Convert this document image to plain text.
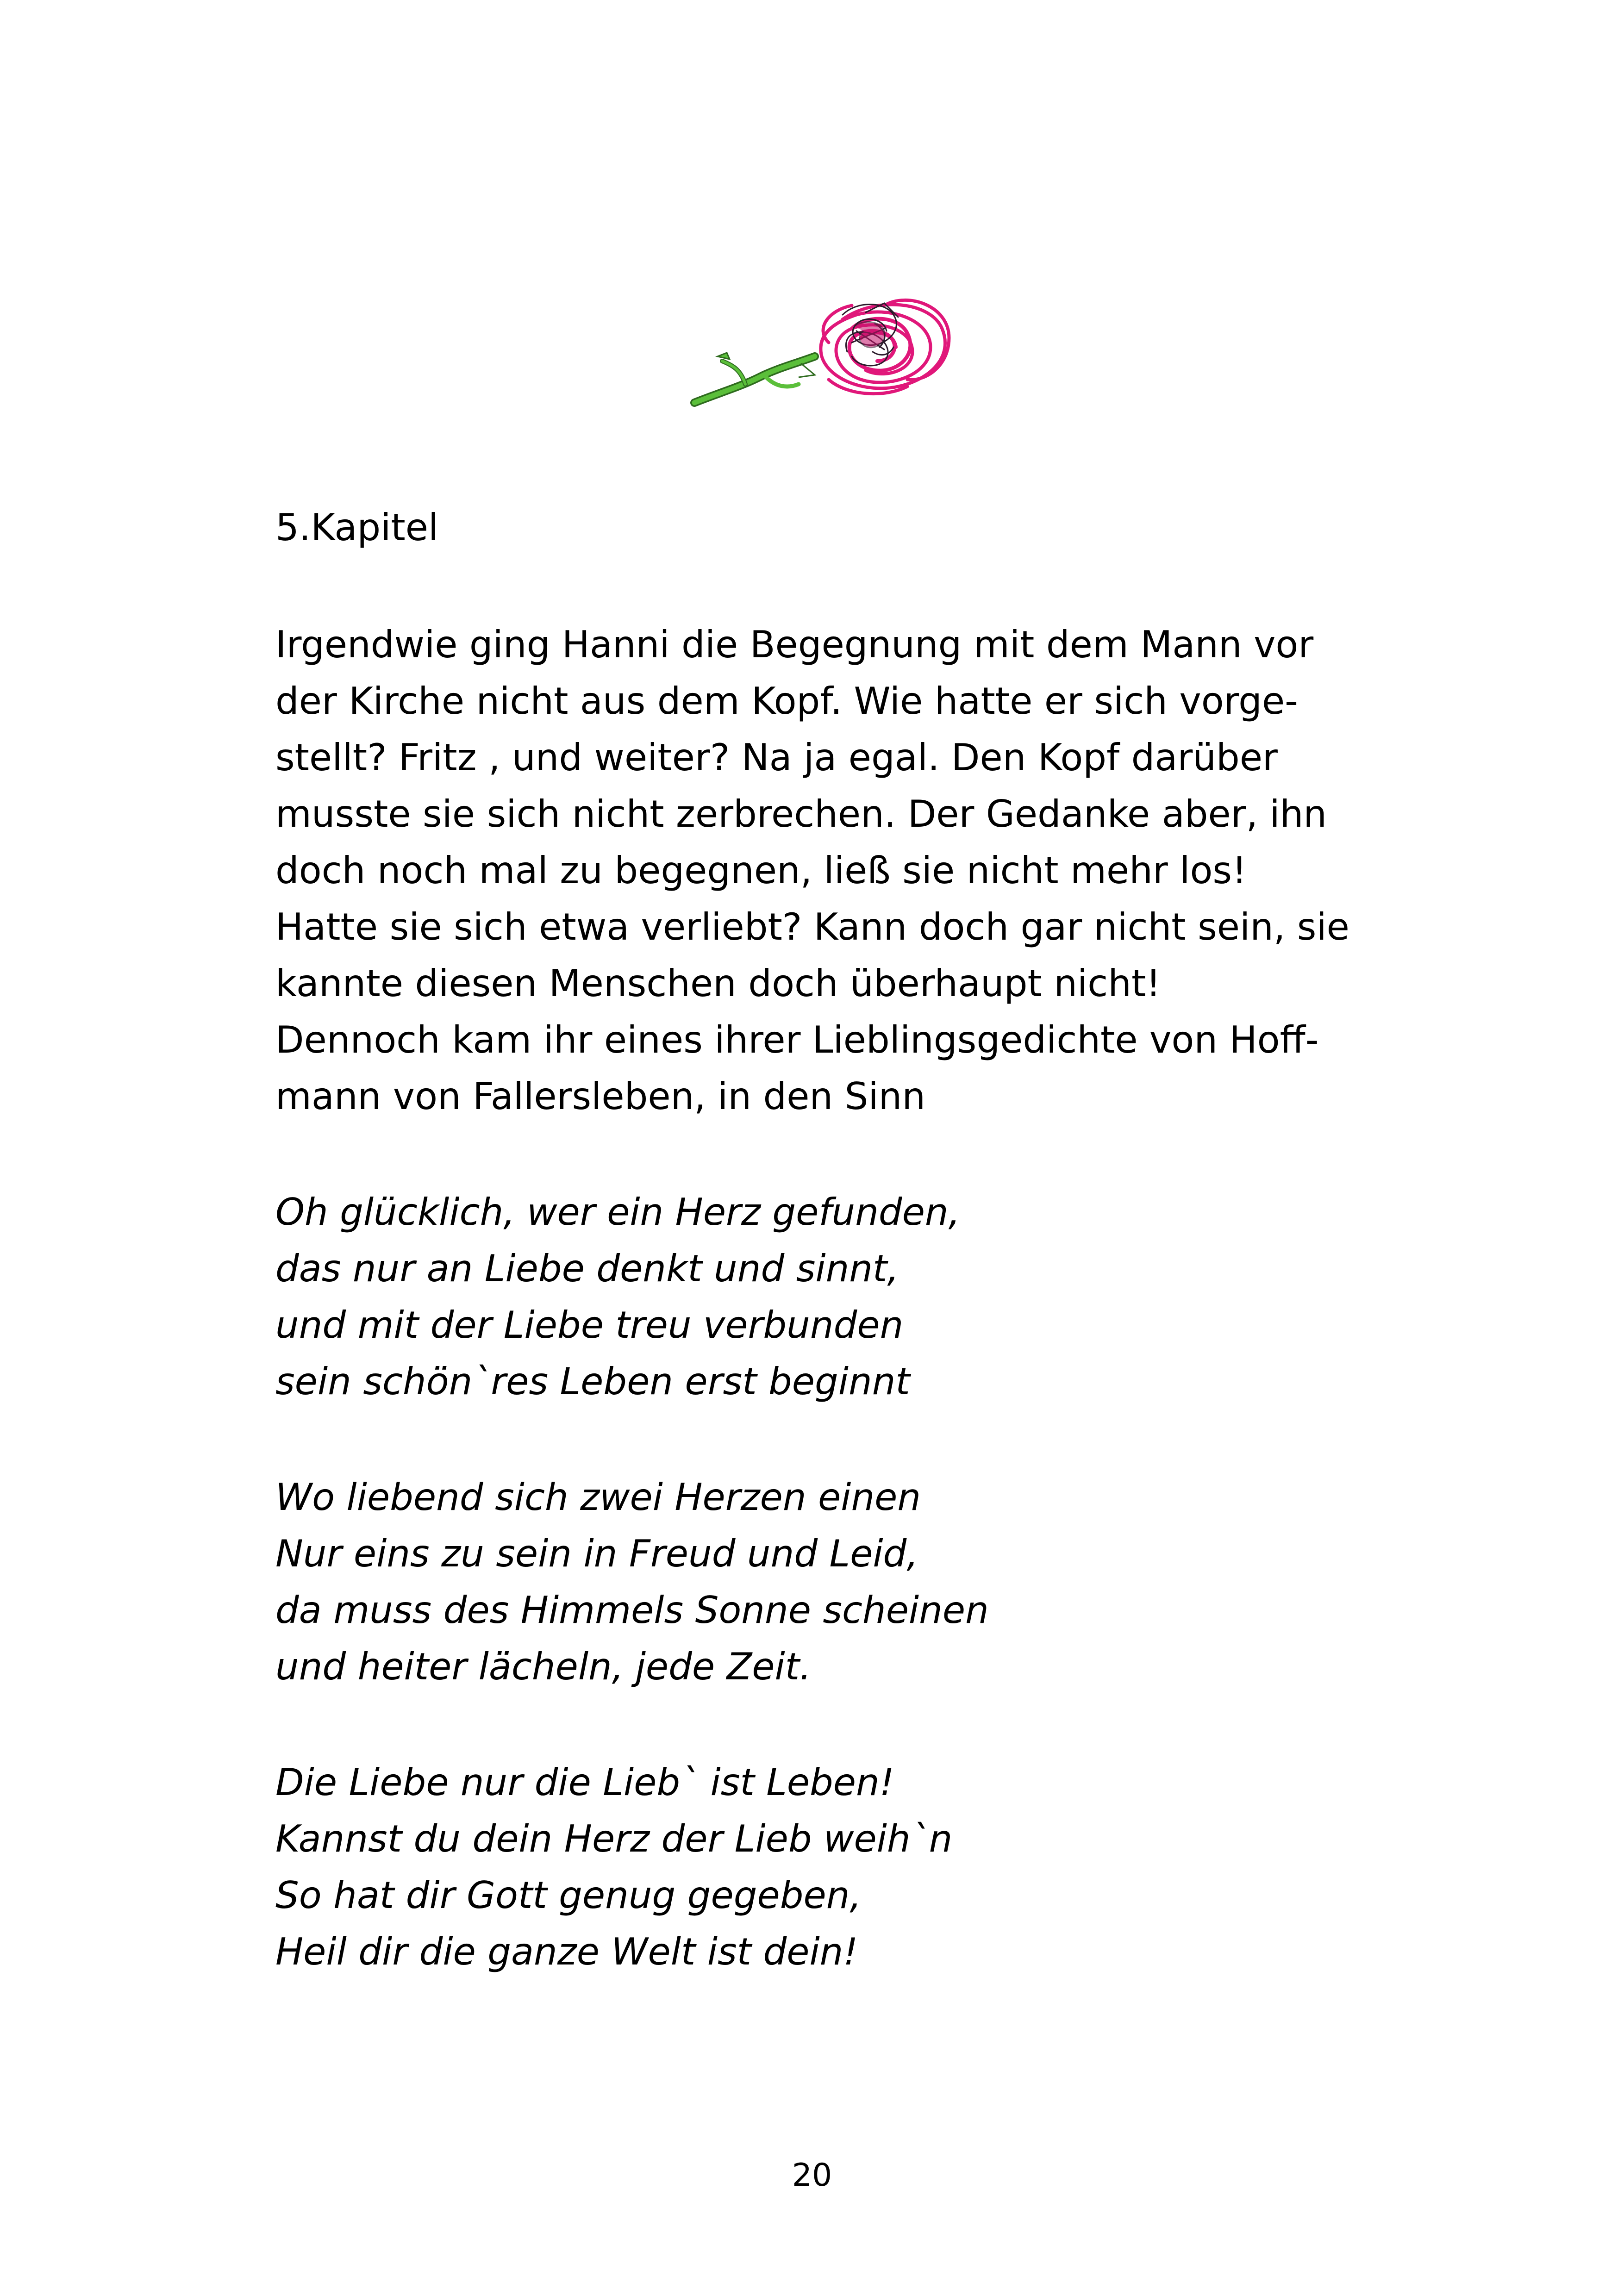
5.Kapitel
Irgendwie ging Hanni die Begegnung mit dem Mann vor
der Kirche nicht aus dem Kopf. Wie hatte er sich vorge-
stellt? Fritz , und weiter? Na ja egal. Den Kopf darüber
musste sie sich nicht zerbrechen. Der Gedanke aber, ihn
doch noch mal zu begegnen, ließ sie nicht mehr los!
Hatte sie sich etwa verliebt? Kann doch gar nicht sein, sie
kannte diesen Menschen doch überhaupt nicht!
Dennoch kam ihr eines ihrer Lieblingsgedichte von Hoff-
mann von Fallersleben, in den Sinn
Oh glücklich, wer ein Herz gefunden,
das nur an Liebe denkt und sinnt,
und mit der Liebe treu verbunden
sein schön`res Leben erst beginnt
Wo liebend sich zwei Herzen einen
Nur eins zu sein in Freud und Leid,
da muss des Himmels Sonne scheinen
und heiter lächeln, jede Zeit.
Die Liebe nur die Lieb` ist Leben!
Kannst du dein Herz der Lieb weih`n
So hat dir Gott genug gegeben,
Heil dir die ganze Welt ist dein!
20
